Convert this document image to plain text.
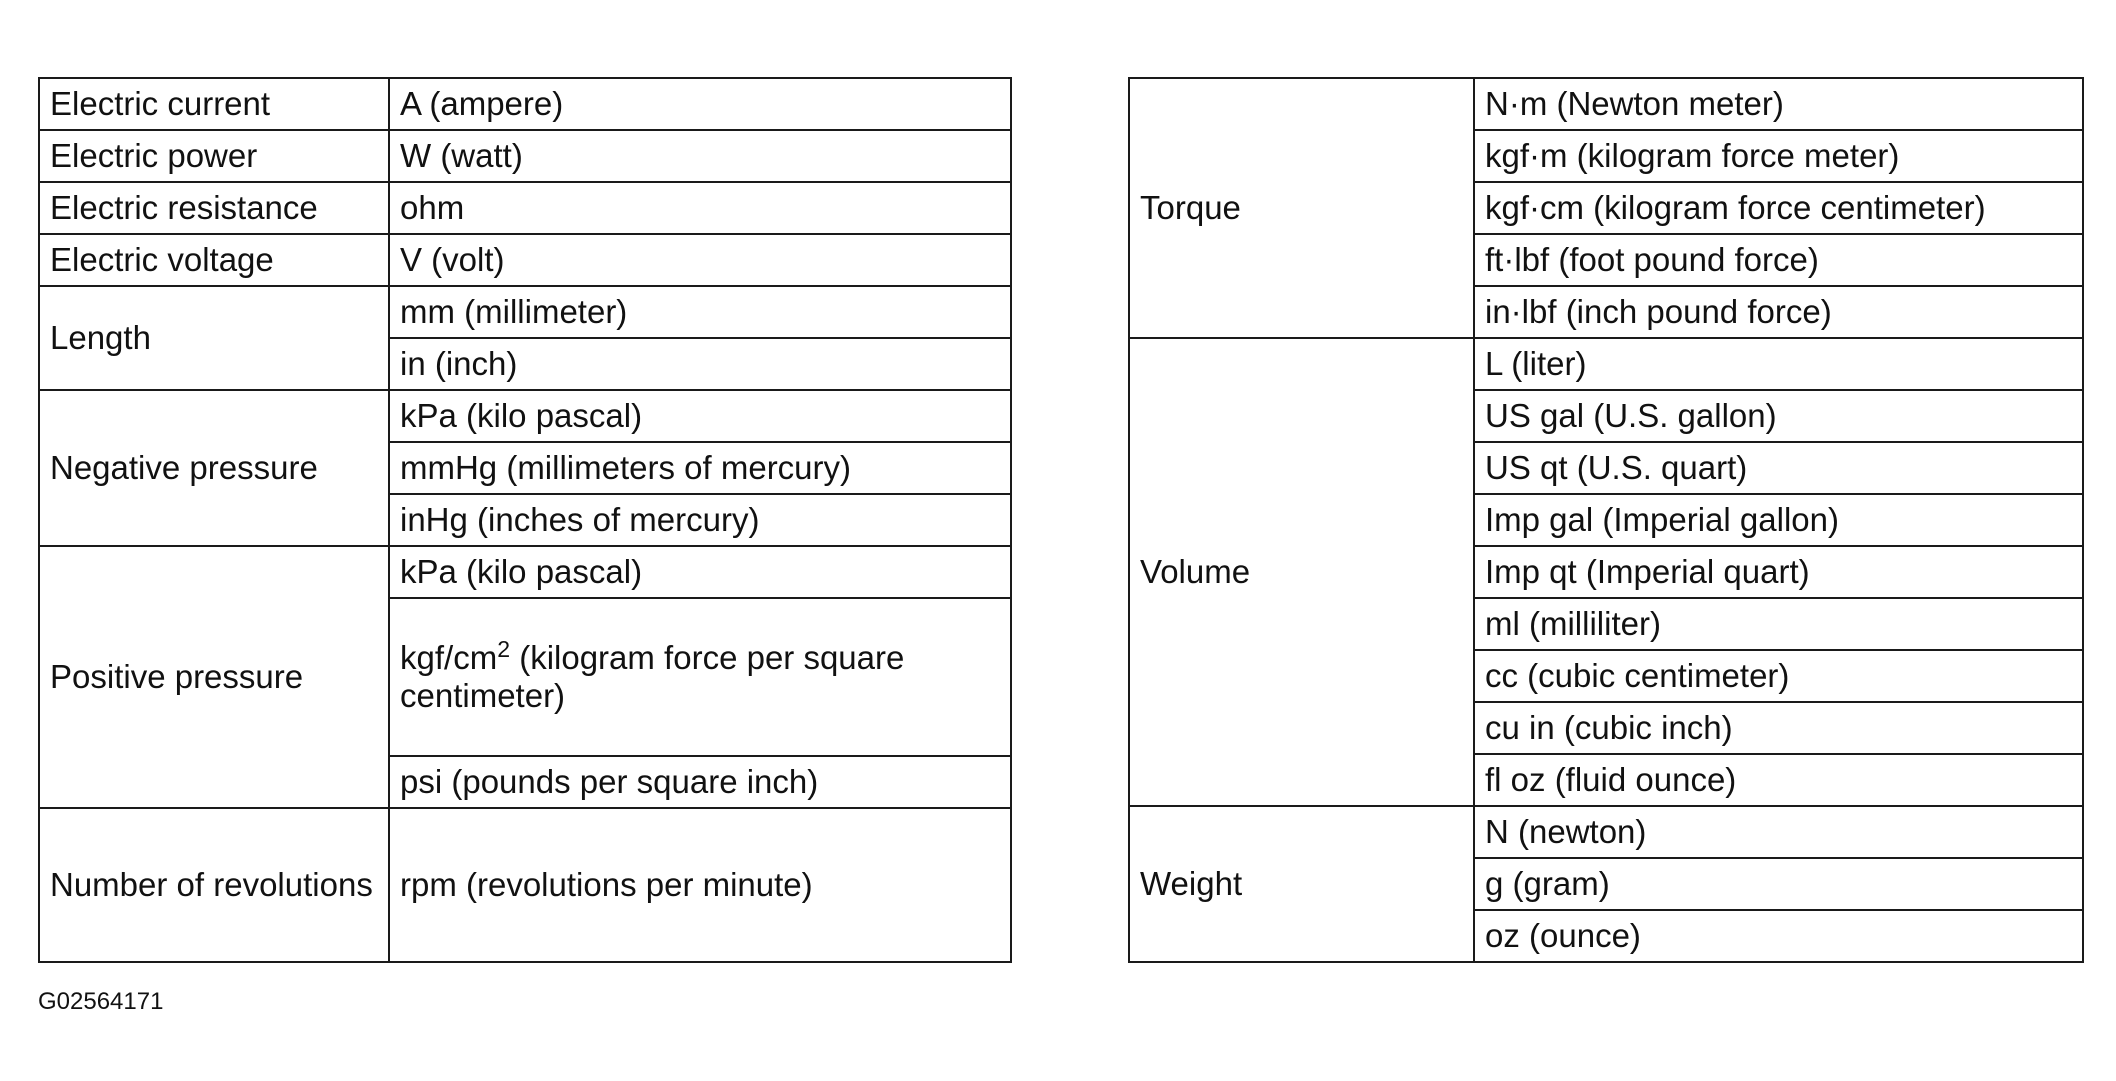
Electric current	A (ampere)
Electric power	W (watt)
Electric resistance	ohm
Electric voltage	V (volt)
Length	mm (millimeter)
	in (inch)
Negative pressure	kPa (kilo pascal)
	mmHg (millimeters of mercury)
	inHg (inches of mercury)
Positive pressure	kPa (kilo pascal)
	kgf/$cm^2$ (kilogram force per square centimeter)
	psi (pounds per square inch)
Number of revolutions	rpm (revolutions per minute)
Torque	N·m (Newton meter)
	kgf·m (kilogram force meter)
	kgf·cm (kilogram force centimeter)
	ft·lbf (foot pound force)
	in·lbf (inch pound force)
Volume	L (liter)
	US gal (U.S. gallon)
	US qt (U.S. quart)
	Imp gal (Imperial gallon)
	Imp qt (Imperial quart)
	ml (milliliter)
	cc (cubic centimeter)
	cu in (cubic inch)
	fl oz (fluid ounce)
Weight	N (newton)
	g (gram)
	oz (ounce)
G02564171
